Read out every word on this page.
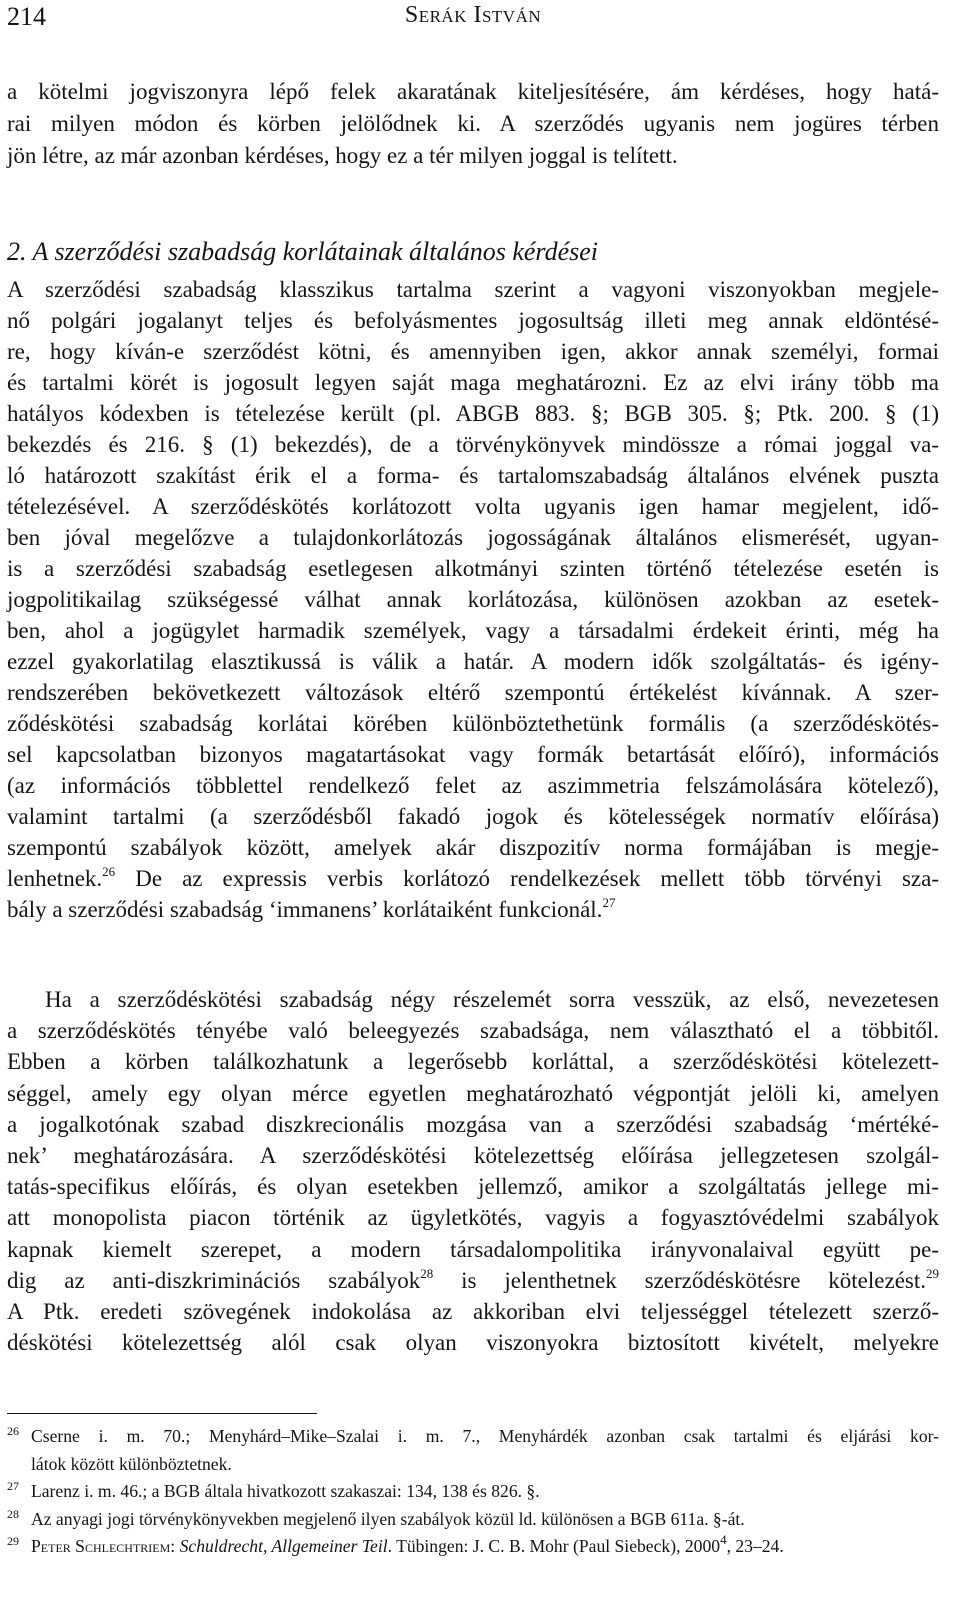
214	Serák István
a kötelmi jogviszonyra lépő felek akaratának kiteljesítésére, ám kérdéses, hogy hatá-
rai milyen módon és körben jelölődnek ki. A szerződés ugyanis nem jogüres térben
jön létre, az már azonban kérdéses, hogy ez a tér milyen joggal is telített.
2. A szerződési szabadság korlátainak általános kérdései
A szerződési szabadság klasszikus tartalma szerint a vagyoni viszonyokban megjele-
nő polgári jogalanyt teljes és befolyásmentes jogosultság illeti meg annak eldöntésé-
re, hogy kíván-e szerződést kötni, és amennyiben igen, akkor annak személyi, formai
és tartalmi körét is jogosult legyen saját maga meghatározni. Ez az elvi irány több ma
hatályos kódexben is tételezése került (pl. ABGB 883. §; BGB 305. §; Ptk. 200. § (1)
bekezdés és 216. § (1) bekezdés), de a törvénykönyvek mindössze a római joggal va-
ló határozott szakítást érik el a forma- és tartalomszabadság általános elvének puszta
tételezésével. A szerződéskötés korlátozott volta ugyanis igen hamar megjelent, idő-
ben jóval megelőzve a tulajdonkorlátozás jogosságának általános elismerését, ugyan-
is a szerződési szabadság esetlegesen alkotmányi szinten történő tételezése esetén is
jogpolitikailag szükségessé válhat annak korlátozása, különösen azokban az esetek-
ben, ahol a jogügylet harmadik személyek, vagy a társadalmi érdekeit érinti, még ha
ezzel gyakorlatilag elasztikussá is válik a határ. A modern idők szolgáltatás- és igény-
rendszerében bekövetkezett változások eltérő szempontú értékelést kívánnak. A szer-
ződéskötési szabadság korlátai körében különböztethetünk formális (a szerződéskötés-
sel kapcsolatban bizonyos magatartásokat vagy formák betartását előíró), információs
(az információs többlettel rendelkező felet az aszimmetria felszámolására kötelező),
valamint tartalmi (a szerződésből fakadó jogok és kötelességek normatív előírása)
szempontú szabályok között, amelyek akár diszpozitív norma formájában is megje-
lenhetnek.$^{26}$ De az expressis verbis korlátozó rendelkezések mellett több törvényi sza-
bály a szerződési szabadság ‘immanens’ korlátaiként funkcionál.$^{27}$
Ha a szerződéskötési szabadság négy részelemét sorra vesszük, az első, nevezetesen
a szerződéskötés tényébe való beleegyezés szabadsága, nem választható el a többitől.
Ebben a körben találkozhatunk a legerősebb korláttal, a szerződéskötési kötelezett-
séggel, amely egy olyan mérce egyetlen meghatározható végpontját jelöli ki, amelyen
a jogalkotónak szabad diszkrecionális mozgása van a szerződési szabadság ‘mértéké-
nek’ meghatározására. A szerződéskötési kötelezettség előírása jellegzetesen szolgál-
tatás-specifikus előírás, és olyan esetekben jellemző, amikor a szolgáltatás jellege mi-
att monopolista piacon történik az ügyletkötés, vagyis a fogyasztóvédelmi szabályok
kapnak kiemelt szerepet, a modern társadalompolitika irányvonalaival együtt pe-
dig az anti-diszkriminációs szabályok$^{28}$ is jelenthetnek szerződéskötésre kötelezést.$^{29}$
A Ptk. eredeti szövegének indokolása az akkoriban elvi teljességgel tételezett szerző-
déskötési kötelezettség alól csak olyan viszonyokra biztosított kivételt, melyekre
26 Cserne i. m. 70.; Menyhárd–Mike–Szalai i. m. 7., Menyhárdék azonban csak tartalmi és eljárási kor-
látok között különböztetnek.
27 Larenz i. m. 46.; a BGB általa hivatkozott szakaszai: 134, 138 és 826. §.
28 Az anyagi jogi törvénykönyvekben megjelenő ilyen szabályok közül ld. különösen a BGB 611a. §-át.
29 Peter Schlechtriem: Schuldrecht, Allgemeiner Teil. Tübingen: J. C. B. Mohr (Paul Siebeck), 2000$^4$, 23–24.
